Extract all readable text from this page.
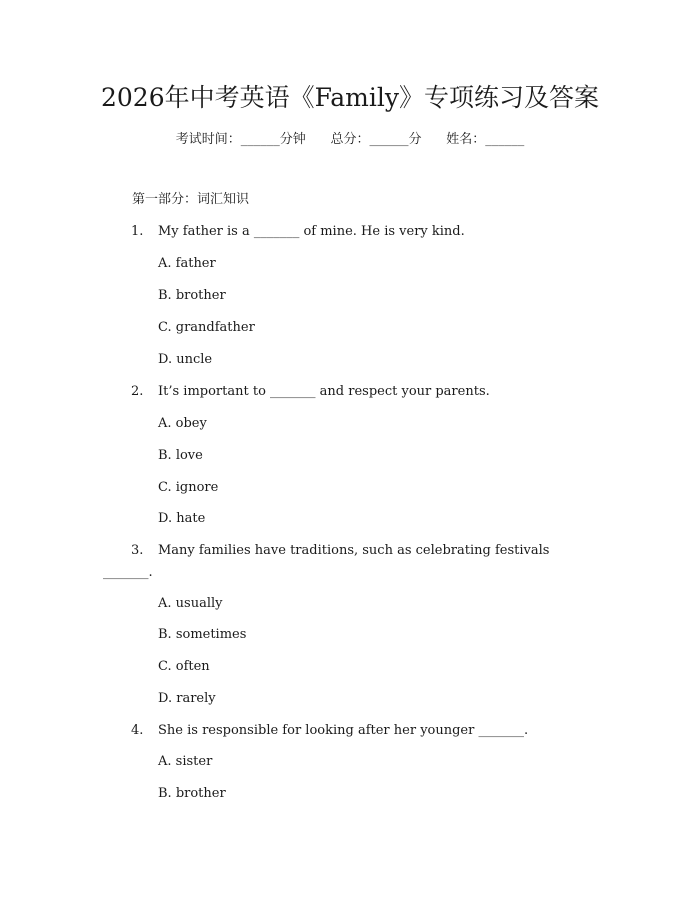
2026年中考英语《Family》专项练习及答案
考试时间：______分钟      总分：______分      姓名：______
第一部分：词汇知识
1. My father is a _______ of mine. He is very kind.
A. father
B. brother
C. grandfather
D. uncle
2. It’s important to _______ and respect your parents.
A. obey
B. love
C. ignore
D. hate
3. Many families have traditions, such as celebrating festivals
_______.
A. usually
B. sometimes
C. often
D. rarely
4. She is responsible for looking after her younger _______.
A. sister
B. brother
